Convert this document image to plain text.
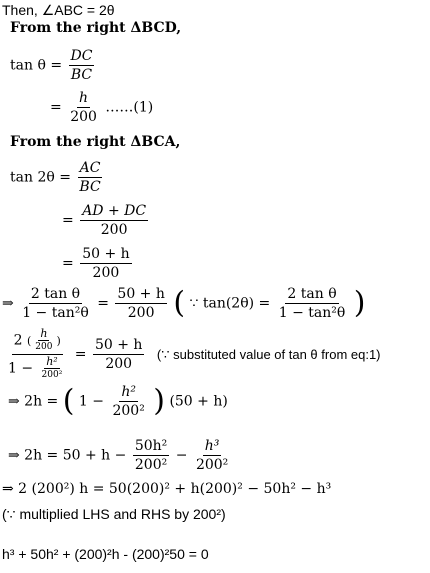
Then, ∠ABC = 2θ
From the right ΔBCD,
$\tan \theta = \frac{DC}{BC}$
= $\frac{h}{200}$ ……(1)
From the right ΔBCA,
$\tan 2\theta = \frac{AC}{BC}$
= $\frac{AD + DC}{200}$
= $\frac{50 + h}{200}$
⇒ $\frac{\text{2 tan θ}}{\text{1 − tan²θ}} = \frac{50 + h}{200}$ ( ∵ $\tan(2\theta) = \frac{\text{2 tan θ}}{\text{1 − tan²θ}}$ )
$\frac{2 ( \frac{h}{200} )}{1 - \frac{\text{h²}}{\text{200²}}} = \frac{50 + h}{200}$ (∵ substituted value of tan θ from eq:1)
⇒ 2h = ( $1 - \frac{\text{h²}}{\text{200²}}$ ) (50 + h)
⇒ $2h = 50 + h - \frac{\text{50h²}}{\text{200²}} - \frac{\text{h³}}{\text{200²}}$
⇒ 2 (200²) h = 50(200)² + h(200)² − 50h² − h³
(∵ multiplied LHS and RHS by 200²)
h³ + 50h² + (200)²h - (200)²50 = 0
